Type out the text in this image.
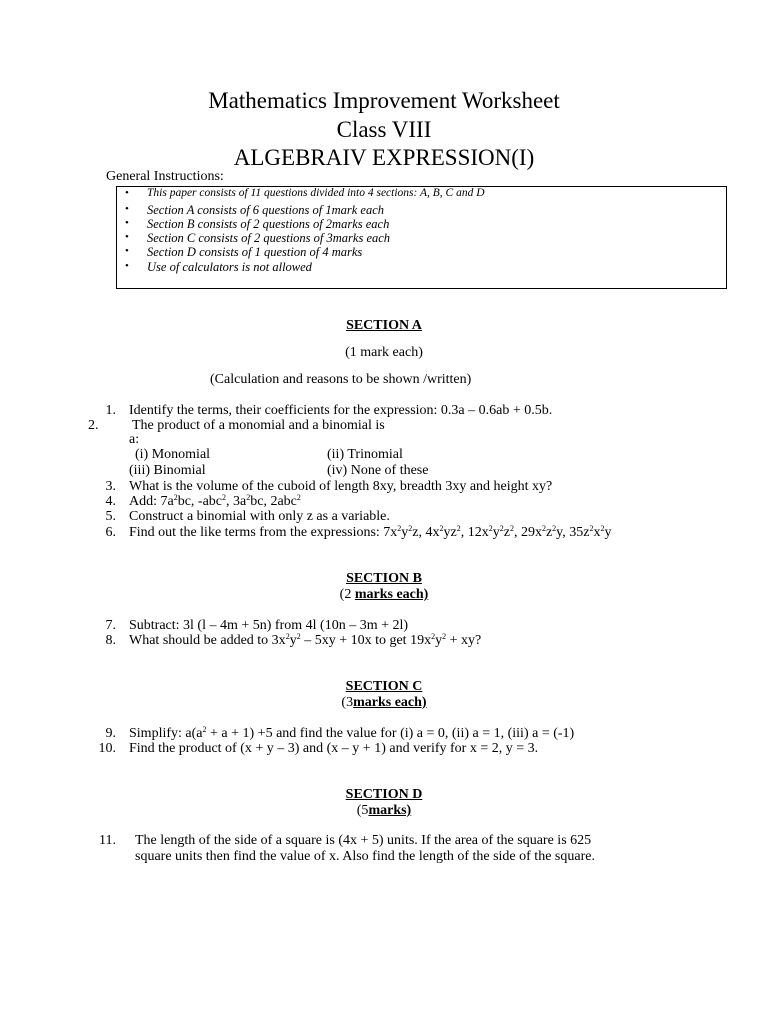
Mathematics Improvement Worksheet
Class VIII
ALGEBRAIV EXPRESSION(I)
General Instructions:
• This paper consists of 11 questions divided into 4 sections: A, B, C and D
• Section A consists of 6 questions of 1mark each
• Section B consists of 2 questions of 2marks each
• Section C consists of 2 questions of 3marks each
• Section D consists of 1 question of 4 marks
• Use of calculators is not allowed
SECTION A
(1 mark each)
(Calculation and reasons to be shown /written)
1. Identify the terms, their coefficients for the expression: 0.3a – 0.6ab + 0.5b.
2. The product of a monomial and a binomial is
a:
(i) Monomial	(ii) Trinomial
(iii) Binomial	(iv) None of these
3. What is the volume of the cuboid of length 8xy, breadth 3xy and height xy?
4. Add: $7a^2bc$, -abc$^2$, $3a^2bc$, 2abc$^2$
5. Construct a binomial with only z as a variable.
6. Find out the like terms from the expressions: $7x^2y^2z$, $4x^2yz^2$, $12x^2y^2z^2$, $29x^2z^2y$, $35z^2x^2y$
SECTION B
(2 marks each)
7. Subtract: 3l (l – 4m + 5n) from 4l (10n – 3m + 2l)
8. What should be added to $3x^2y^2 - 5xy + 10x$ to get $19x^2y^2$ + xy?
SECTION C
(3marks each)
9. Simplify: $a(a^2 + a + 1) +5$ and find the value for (i) a = 0, (ii) a = 1, (iii) a = (-1)
10. Find the product of (x + y – 3) and (x – y + 1) and verify for x = 2, y = 3.
SECTION D
(5marks)
11. The length of the side of a square is (4x + 5) units. If the area of the square is 625
square units then find the value of x. Also find the length of the side of the square.
